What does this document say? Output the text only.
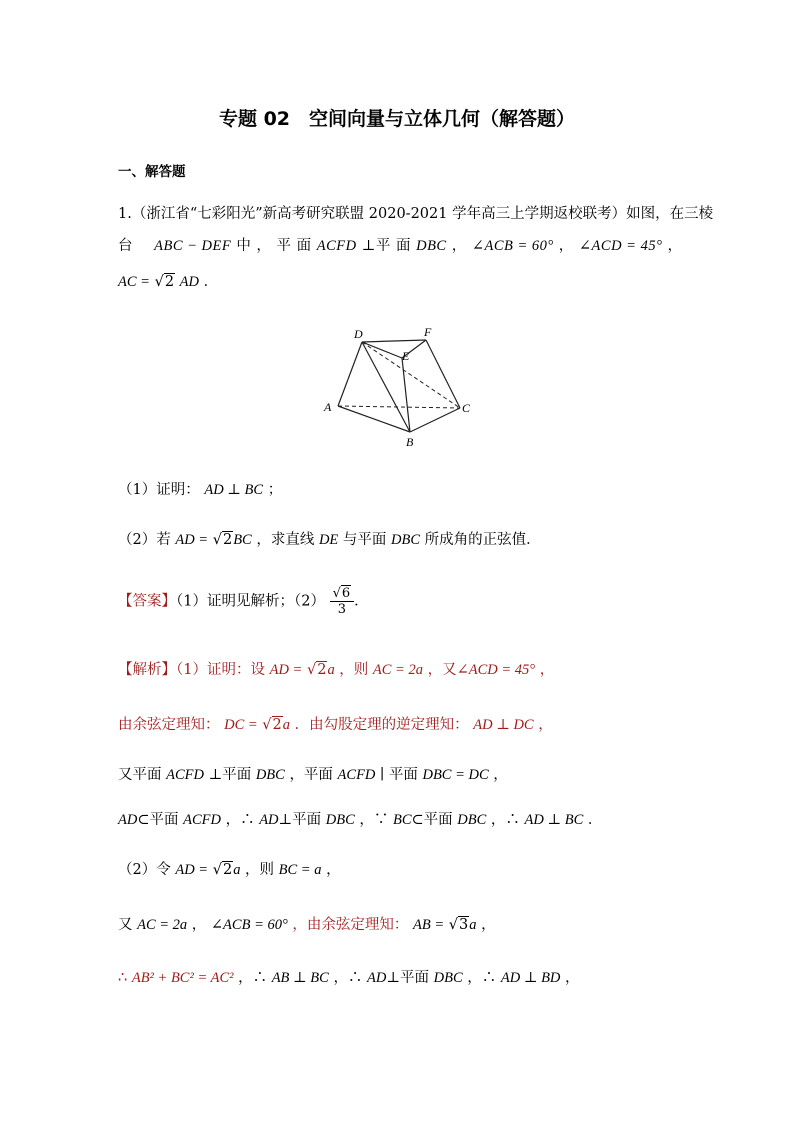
专题 02　空间向量与立体几何（解答题）
一、解答题
1.（浙江省“七彩阳光”新高考研究联盟 2020-2021 学年高三上学期返校联考）如图，在三棱
台 ABC − DEF 中 ， 平 面 ACFD ⊥平 面 DBC ， ∠ACB = 60° ， ∠ACD = 45° ，
AC = √2 AD ．
D	F
E
A	C
B
（1）证明： AD ⊥ BC ；
（2）若 AD = √2BC ，求直线 DE 与平面 DBC 所成角的正弦值．
【答案】（1）证明见解析；$(2) \frac{√6}{3}$ ．
【解析】（1）证明：设 AD = √2a ，则 AC = 2a ，又∠ACD = 45° ，
由余弦定理知： DC = √2a ．由勾股定理的逆定理知： AD ⊥ DC ，
又平面 ACFD ⊥平面 DBC ，平面 ACFD ∣ 平面 DBC = DC ，
AD⊂平面 ACFD ，∴ AD⊥平面 DBC ，∵ BC⊂平面 DBC ，∴ AD ⊥ BC ．
（2）令 AD = √2a ，则 BC = a ，
又 AC = 2a ， ∠ACB = 60° ，由余弦定理知： AB = √3a ，
∴ AB² + BC² = AC² ，∴ AB ⊥ BC ，∴ AD⊥平面 DBC ，∴ AD ⊥ BD ，
